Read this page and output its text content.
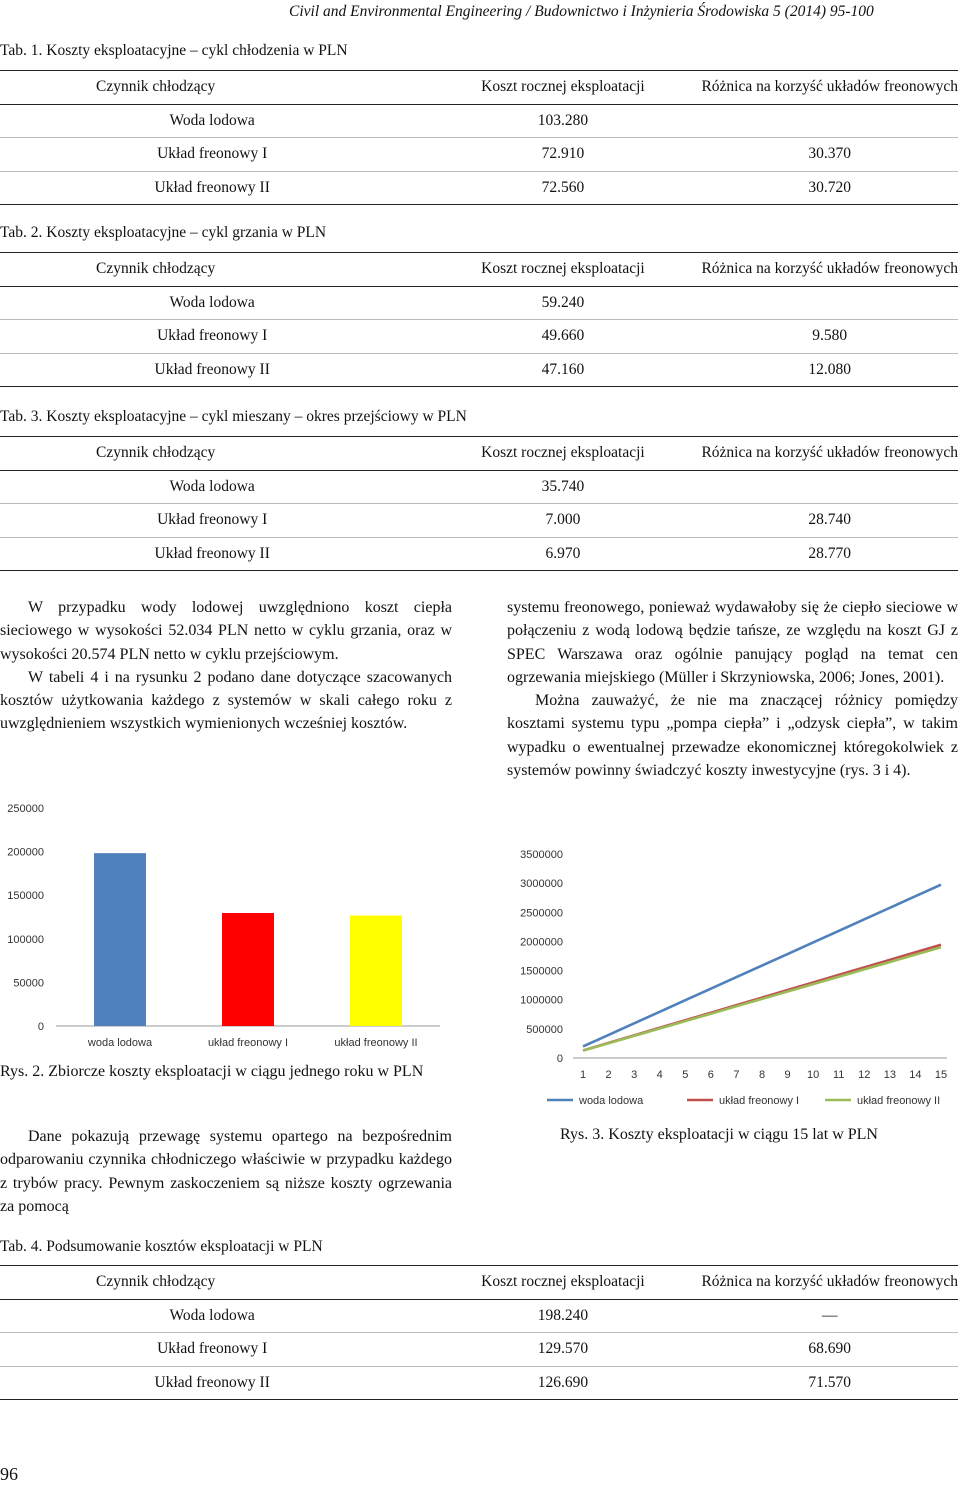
Civil and Environmental Engineering / Budownictwo i Inżynieria Środowiska 5 (2014) 95-100
Tab. 1. Koszty eksploatacyjne – cykl chłodzenia w PLN
Czynnik chłodzący	Koszt rocznej eksploatacji	Różnica na korzyść układów freonowych
Woda lodowa	103.280	
Układ freonowy I	72.910	30.370
Układ freonowy II	72.560	30.720
Tab. 2. Koszty eksploatacyjne – cykl grzania w PLN
Czynnik chłodzący	Koszt rocznej eksploatacji	Różnica na korzyść układów freonowych
Woda lodowa	59.240	
Układ freonowy I	49.660	9.580
Układ freonowy II	47.160	12.080
Tab. 3. Koszty eksploatacyjne – cykl mieszany – okres przejściowy w PLN
Czynnik chłodzący	Koszt rocznej eksploatacji	Różnica na korzyść układów freonowych
Woda lodowa	35.740	
Układ freonowy I	7.000	28.740
Układ freonowy II	6.970	28.770

W przypadku wody lodowej uwzględniono koszt ciepła sieciowego w wysokości 52.034 PLN netto w cyklu grzania, oraz w wysokości 20.574 PLN netto w cyklu przejściowym.

W tabeli 4 i na rysunku 2 podano dane dotyczące szacowanych kosztów użytkowania każdego z systemów w skali całego roku z uwzględnieniem wszystkich wymienionych wcześniej kosztów.

systemu freonowego, ponieważ wydawałoby się że ciepło sieciowe w połączeniu z wodą lodową będzie tańsze, ze względu na koszt GJ z SPEC Warszawa oraz ogólnie panujący pogląd na temat cen ogrzewania miejskiego (Müller i Skrzyniowska, 2006; Jones, 2001).

Można zauważyć, że nie ma znaczącej różnicy pomiędzy kosztami systemu typu „pompa ciepła” i „odzysk ciepła”, w takim wypadku o ewentualnej przewadze ekonomicznej któregokolwiek z systemów powinny świadczyć koszty inwestycyjne (rys. 3 i 4).

0
50000
100000
150000
200000
250000
woda lodowa	układ freonowy I	układ freonowy II
Rys. 2. Zbiorcze koszty eksploatacji w ciągu jednego roku w PLN

Dane pokazują przewagę systemu opartego na bezpośrednim odparowaniu czynnika chłodniczego właściwie w przypadku każdego z trybów pracy. Pewnym zaskoczeniem są niższe koszty ogrzewania za pomocą

0
500000
1000000
1500000
2000000
2500000
3000000
3500000
1 2 3 4 5 6 7 8 9 10 11 12 13 14 15
woda lodowa	układ freonowy I	układ freonowy II
Rys. 3. Koszty eksploatacji w ciągu 15 lat w PLN
Tab. 4. Podsumowanie kosztów eksploatacji w PLN
Czynnik chłodzący	Koszt rocznej eksploatacji	Różnica na korzyść układów freonowych
Woda lodowa	198.240	—
Układ freonowy I	129.570	68.690
Układ freonowy II	126.690	71.570
96
